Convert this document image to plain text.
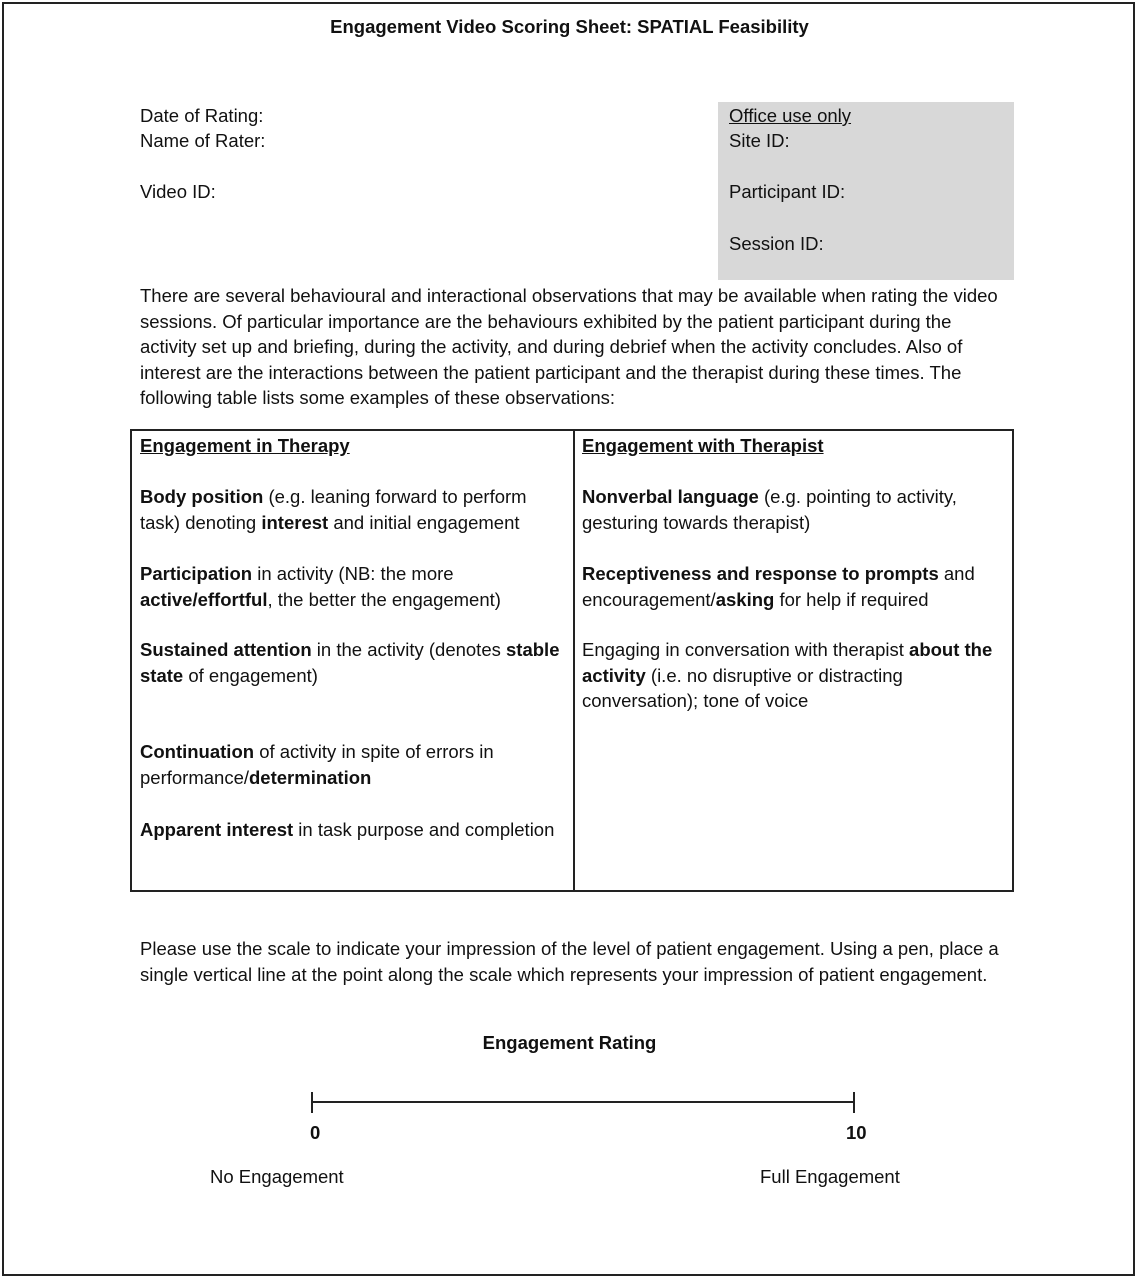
Engagement Video Scoring Sheet: SPATIAL Feasibility
Date of Rating:
Name of Rater:
Video ID:
Office use only
Site ID:
Participant ID:
Session ID:
There are several behavioural and interactional observations that may be available when rating the video sessions. Of particular importance are the behaviours exhibited by the patient participant during the activity set up and briefing, during the activity, and during debrief when the activity concludes. Also of interest are the interactions between the patient participant and the therapist during these times. The following table lists some examples of these observations:
Engagement in Therapy
Body position (e.g. leaning forward to perform task) denoting interest and initial engagement
Participation in activity (NB: the more active/effortful, the better the engagement)
Sustained attention in the activity (denotes stable state of engagement)
Continuation of activity in spite of errors in performance/determination
Apparent interest in task purpose and completion
Engagement with Therapist
Nonverbal language (e.g. pointing to activity, gesturing towards therapist)
Receptiveness and response to prompts and encouragement/asking for help if required
Engaging in conversation with therapist about the activity (i.e. no disruptive or distracting conversation); tone of voice
Please use the scale to indicate your impression of the level of patient engagement. Using a pen, place a single vertical line at the point along the scale which represents your impression of patient engagement.
Engagement Rating
0	10
No Engagement	Full Engagement
